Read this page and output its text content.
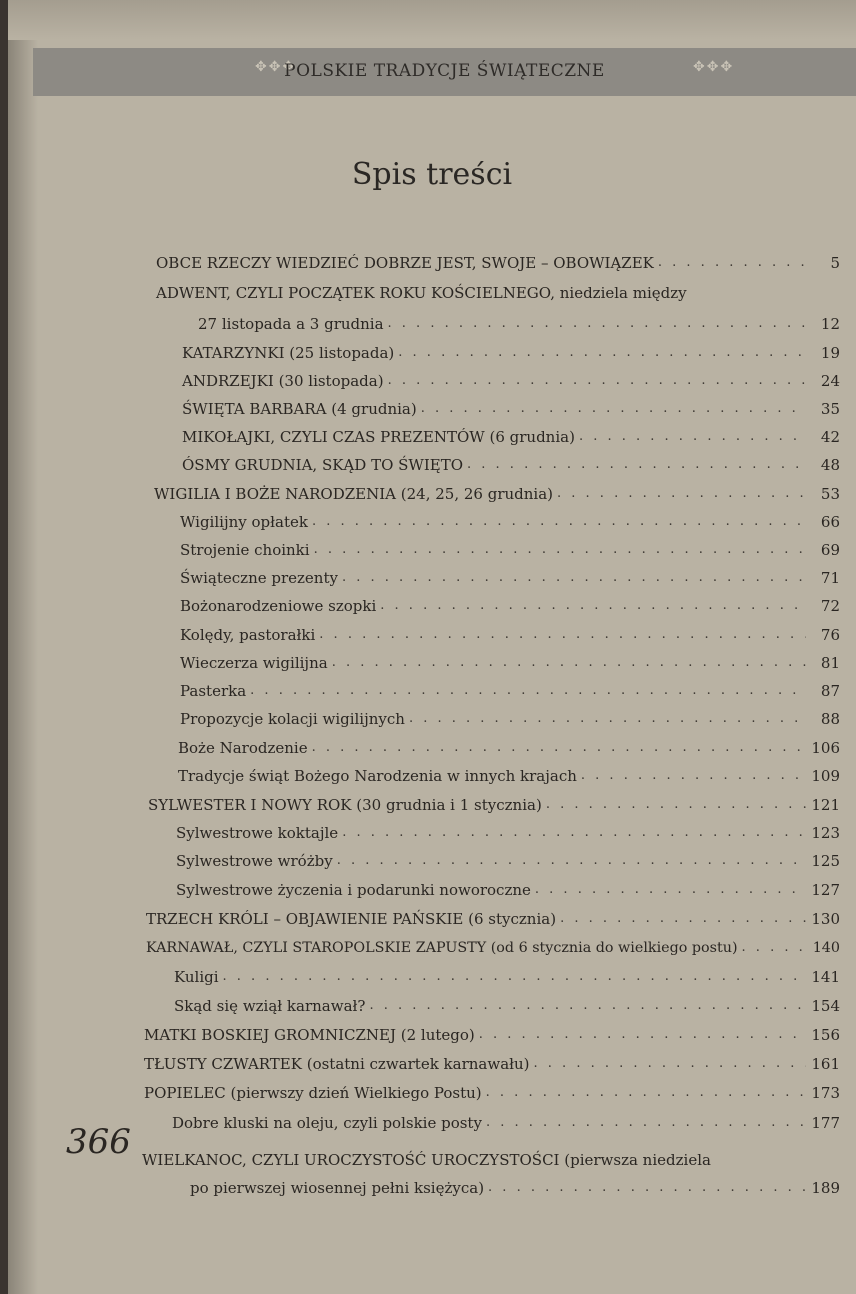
✥✥✥
POLSKIE TRADYCJE ŚWIĄTECZNE	✥✥✥
Spis treści
OBCE RZECZY WIEDZIEĆ DOBRZE JEST, SWOJE – OBOWIĄZEK . . .	5
ADWENT, CZYLI POCZĄTEK ROKU KOŚCIELNEGO, niedziela między
27 listopada a 3 grudnia . . .	12
KATARZYNKI (25 listopada) . . .	19
ANDRZEJKI (30 listopada) . . .	24
ŚWIĘTA BARBARA (4 grudnia) . . .	35
MIKOŁAJKI, CZYLI CZAS PREZENTÓW (6 grudnia) . . .	42
ÓSMY GRUDNIA, SKĄD TO ŚWIĘTO . . .	48
WIGILIA I BOŻE NARODZENIA (24, 25, 26 grudnia) . . .	53
Wigilijny opłatek . . .	66
Strojenie choinki . . .	69
Świąteczne prezenty . . .	71
Bożonarodzeniowe szopki . . .	72
Kolędy, pastorałki . . .	76
Wieczerza wigilijna . . .	81
Pasterka . . .	87
Propozycje kolacji wigilijnych . . .	88
Boże Narodzenie . . .	106
Tradycje świąt Bożego Narodzenia w innych krajach . . .	109
SYLWESTER I NOWY ROK (30 grudnia i 1 stycznia) . . .	121
Sylwestrowe koktajle . . .	123
Sylwestrowe wróżby . . .	125
Sylwestrowe życzenia i podarunki noworoczne . . .	127
TRZECH KRÓLI – OBJAWIENIE PAŃSKIE (6 stycznia) . . .	130
KARNAWAŁ, CZYLI STAROPOLSKIE ZAPUSTY (od 6 stycznia do wielkiego postu) . . .	140
Kuligi . . .	141
Skąd się wziął karnawał? . . .	154
MATKI BOSKIEJ GROMNICZNEJ (2 lutego) . . .	156
TŁUSTY CZWARTEK (ostatni czwartek karnawału) . . .	161
POPIELEC (pierwszy dzień Wielkiego Postu) . . .	173
Dobre kluski na oleju, czyli polskie posty . . .	177
WIELKANOC, CZYLI UROCZYSTOŚĆ UROCZYSTOŚCI (pierwsza niedziela
po pierwszej wiosennej pełni księżyca) . . .	189
366
